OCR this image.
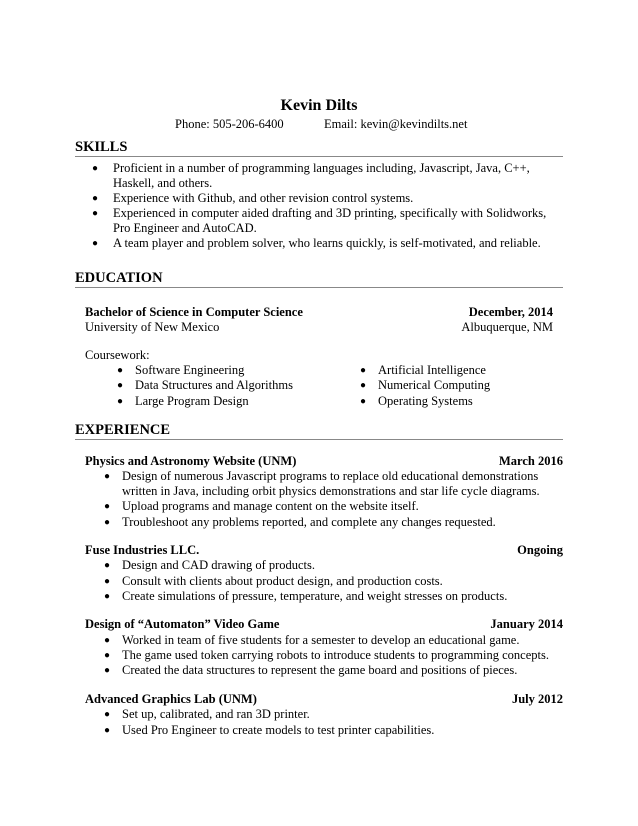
Kevin Dilts
Phone: 505-206-6400	Email: kevin@kevindilts.net
SKILLS
● Proficient in a number of programming languages including, Javascript, Java, C++,
Haskell, and others.
● Experience with Github, and other revision control systems.
● Experienced in computer aided drafting and 3D printing, specifically with Solidworks,
Pro Engineer and AutoCAD.
● A team player and problem solver, who learns quickly, is self-motivated, and reliable.
EDUCATION
Bachelor of Science in Computer Science	December, 2014
University of New Mexico	Albuquerque, NM
Coursework:
● Software Engineering
● Data Structures and Algorithms
● Large Program Design
● Artificial Intelligence
● Numerical Computing
● Operating Systems
EXPERIENCE
Physics and Astronomy Website (UNM)	March 2016
● Design of numerous Javascript programs to replace old educational demonstrations
written in Java, including orbit physics demonstrations and star life cycle diagrams.
● Upload programs and manage content on the website itself.
● Troubleshoot any problems reported, and complete any changes requested.
Fuse Industries LLC.	Ongoing
● Design and CAD drawing of products.
● Consult with clients about product design, and production costs.
● Create simulations of pressure, temperature, and weight stresses on products.
Design of “Automaton” Video Game	January 2014
● Worked in team of five students for a semester to develop an educational game.
● The game used token carrying robots to introduce students to programming concepts.
● Created the data structures to represent the game board and positions of pieces.
Advanced Graphics Lab (UNM)	July 2012
● Set up, calibrated, and ran 3D printer.
● Used Pro Engineer to create models to test printer capabilities.
